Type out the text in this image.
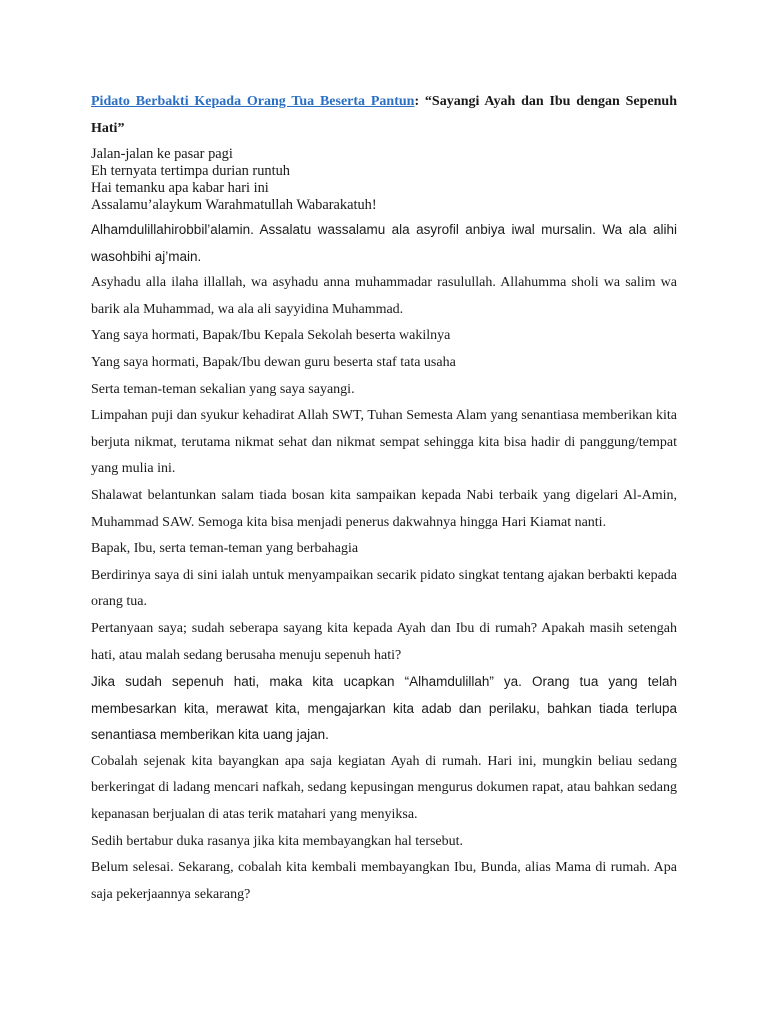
Pidato Berbakti Kepada Orang Tua Beserta Pantun: “Sayangi Ayah dan Ibu dengan Sepenuh Hati”

Jalan-jalan ke pasar pagi
Eh ternyata tertimpa durian runtuh
Hai temanku apa kabar hari ini
Assalamu’alaykum Warahmatullah Wabarakatuh!

Alhamdulillahirobbil’alamin. Assalatu wassalamu ala asyrofil anbiya iwal mursalin. Wa ala alihi wasohbihi aj’main.

Asyhadu alla ilaha illallah, wa asyhadu anna muhammadar rasulullah. Allahumma sholi wa salim wa barik ala Muhammad, wa ala ali sayyidina Muhammad.

Yang saya hormati, Bapak/Ibu Kepala Sekolah beserta wakilnya

Yang saya hormati, Bapak/Ibu dewan guru beserta staf tata usaha

Serta teman-teman sekalian yang saya sayangi.

Limpahan puji dan syukur kehadirat Allah SWT, Tuhan Semesta Alam yang senantiasa memberikan kita berjuta nikmat, terutama nikmat sehat dan nikmat sempat sehingga kita bisa hadir di panggung/tempat yang mulia ini.

Shalawat belantunkan salam tiada bosan kita sampaikan kepada Nabi terbaik yang digelari Al-Amin, Muhammad SAW. Semoga kita bisa menjadi penerus dakwahnya hingga Hari Kiamat nanti.

Bapak, Ibu, serta teman-teman yang berbahagia

Berdirinya saya di sini ialah untuk menyampaikan secarik pidato singkat tentang ajakan berbakti kepada orang tua.

Pertanyaan saya; sudah seberapa sayang kita kepada Ayah dan Ibu di rumah? Apakah masih setengah hati, atau malah sedang berusaha menuju sepenuh hati?

Jika sudah sepenuh hati, maka kita ucapkan “Alhamdulillah” ya. Orang tua yang telah membesarkan kita, merawat kita, mengajarkan kita adab dan perilaku, bahkan tiada terlupa senantiasa memberikan kita uang jajan.

Cobalah sejenak kita bayangkan apa saja kegiatan Ayah di rumah. Hari ini, mungkin beliau sedang berkeringat di ladang mencari nafkah, sedang kepusingan mengurus dokumen rapat, atau bahkan sedang kepanasan berjualan di atas terik matahari yang menyiksa.

Sedih bertabur duka rasanya jika kita membayangkan hal tersebut.

Belum selesai. Sekarang, cobalah kita kembali membayangkan Ibu, Bunda, alias Mama di rumah. Apa saja pekerjaannya sekarang?
